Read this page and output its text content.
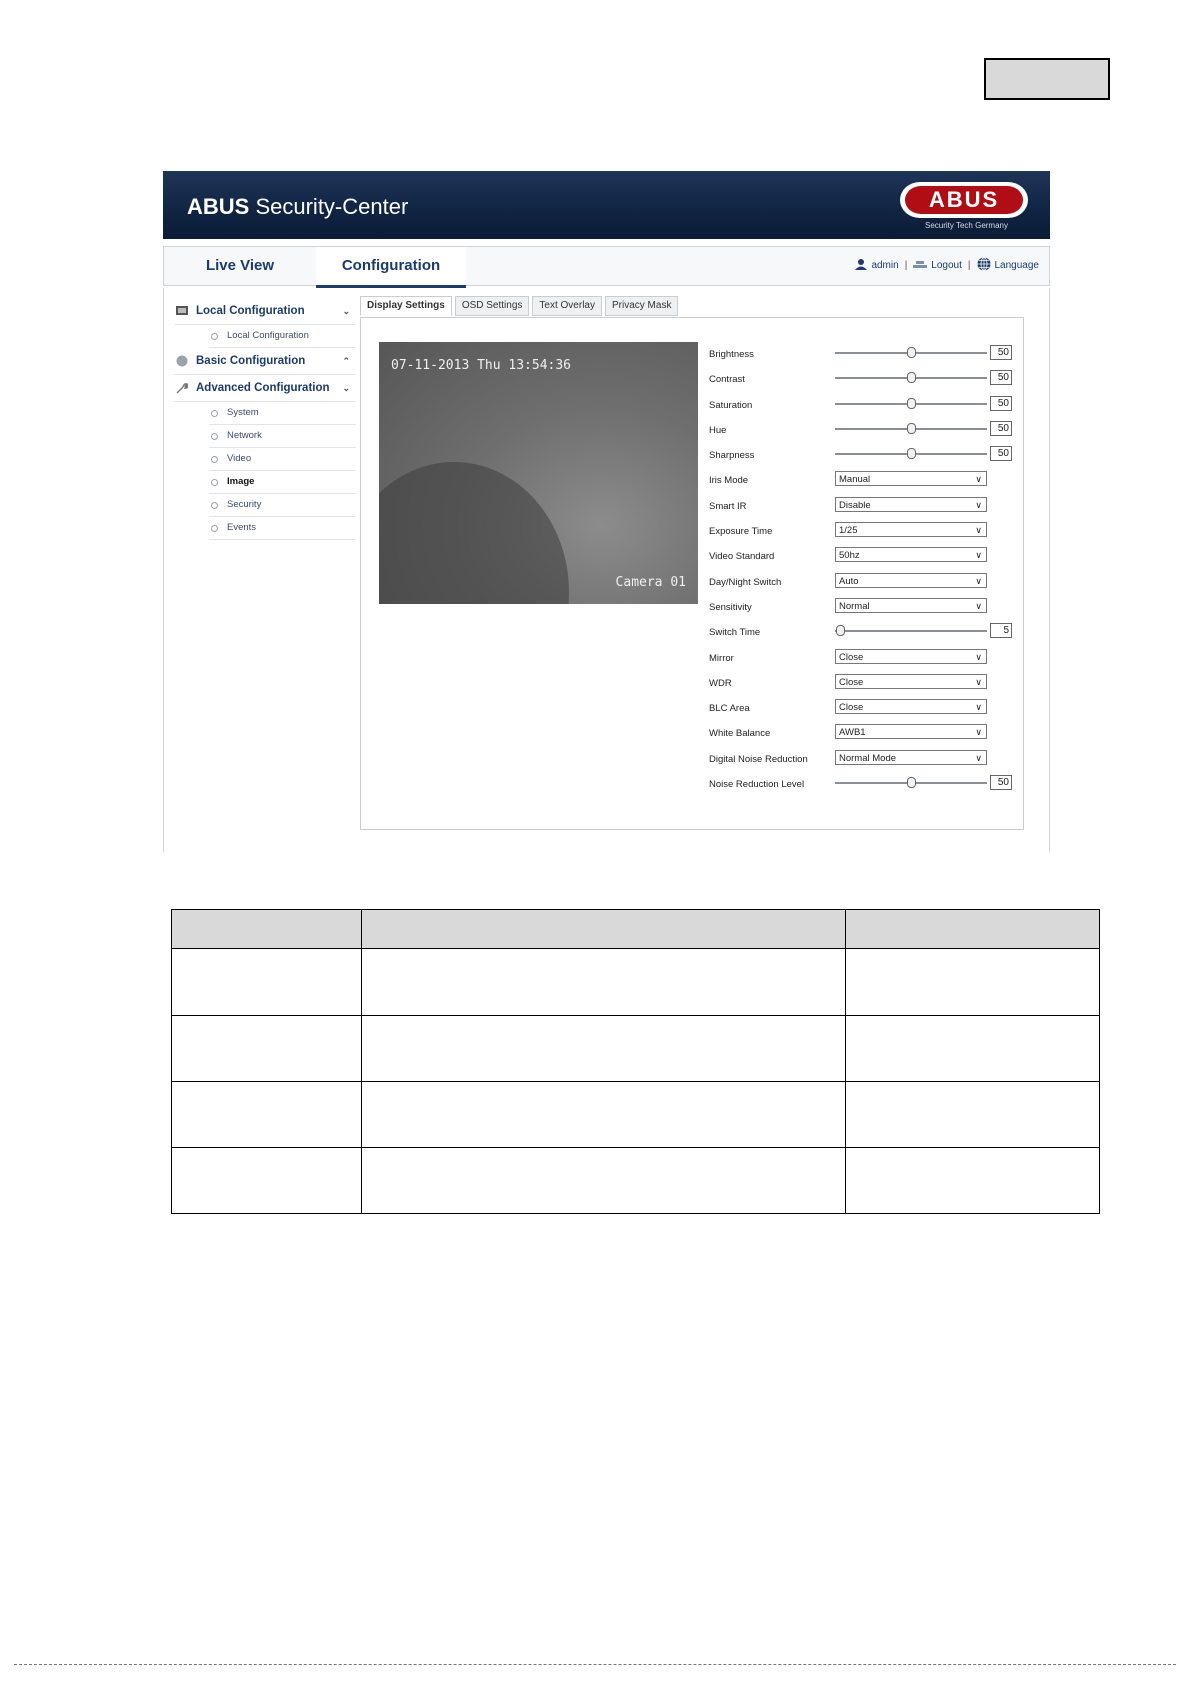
ABUS Security-Center	ABUS
Security Tech Germany
Live View	Configuration	admin | Logout | Language
Local Configuration	⌄
Local Configuration
Basic Configuration	⌃
Advanced Configuration ⌄
System
Network
Video
Image
Security
Events
Display Settings	OSD Settings	Text Overlay	Privacy Mask
07-11-2013 Thu 13:54:36
Camera 01
Brightness	50
Contrast	50
Saturation	50
Hue	50
Sharpness	50
Iris Mode	Manual	∨
Smart IR	Disable	∨
Exposure Time	1/25	∨
Video Standard	50hz	∨
Day/Night Switch	Auto	∨
Sensitivity	Normal	∨
Switch Time	5
Mirror	Close	∨
WDR	Close	∨
BLC Area	Close	∨
White Balance	AWB1	∨
Digital Noise Reduction	Normal Mode	∨
Noise Reduction Level	50
